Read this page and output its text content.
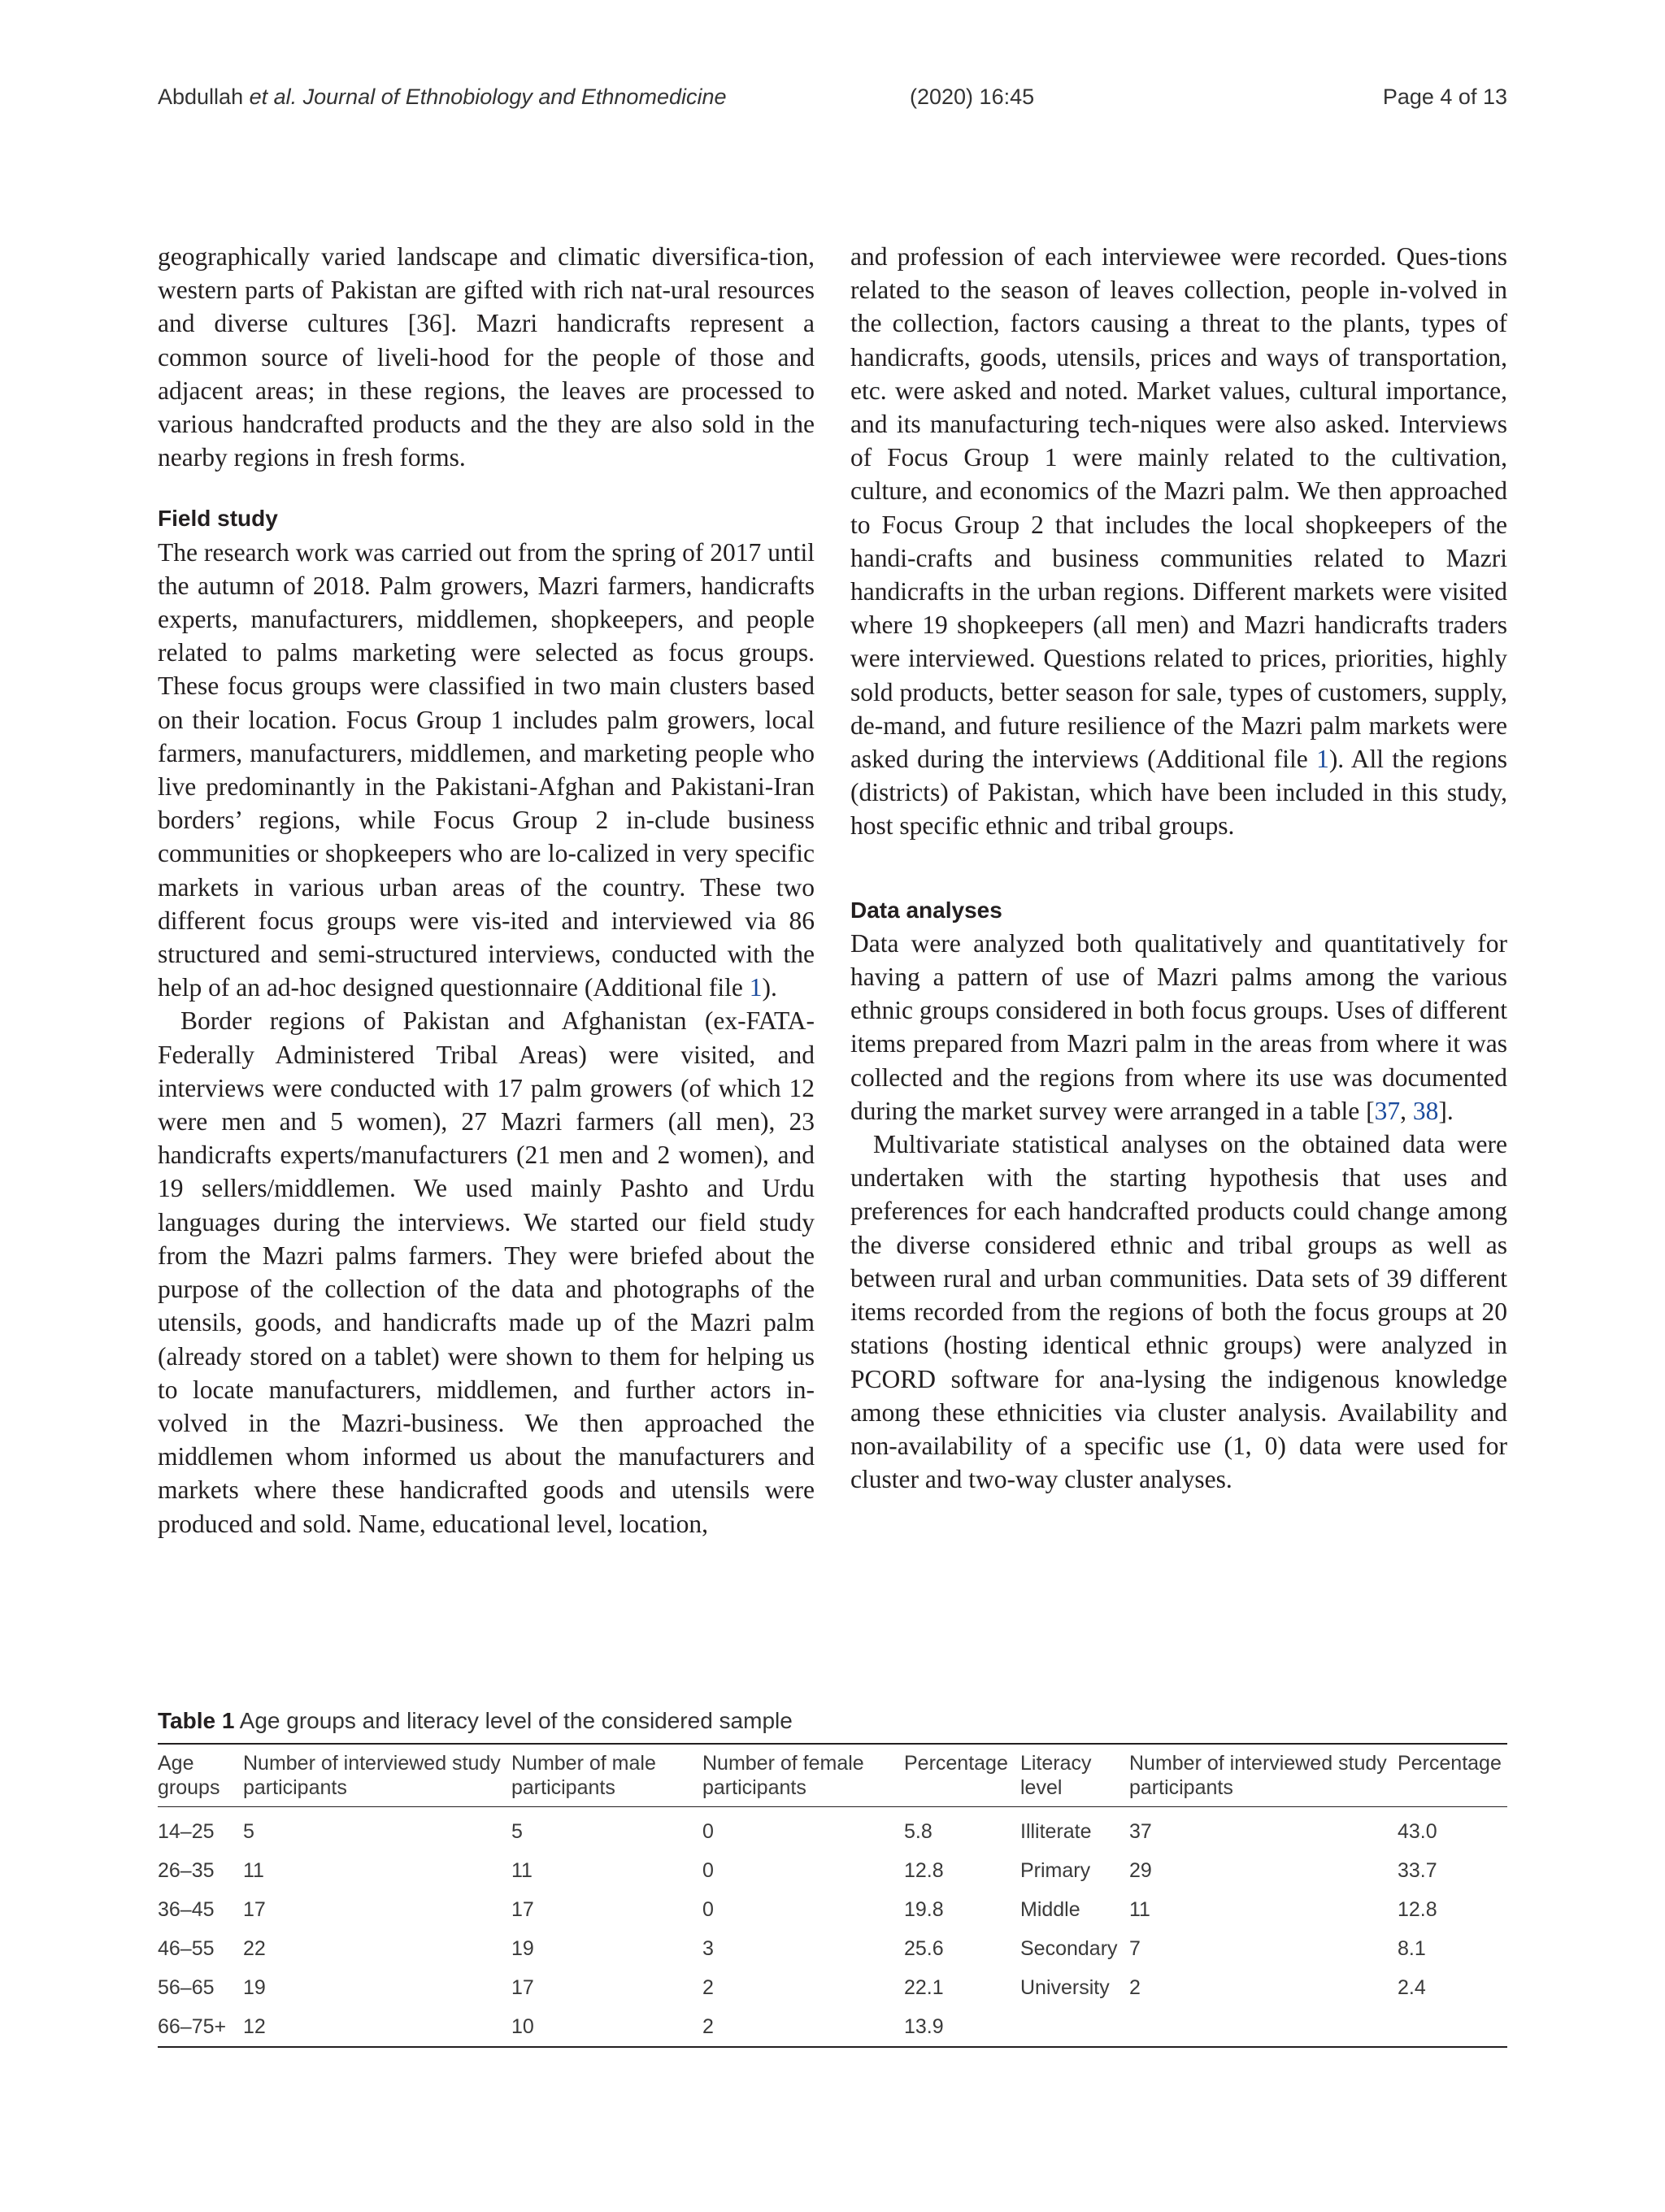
Abdullah et al. Journal of Ethnobiology and Ethnomedicine	(2020) 16:45	Page 4 of 13

geographically varied landscape and climatic diversifica-tion, western parts of Pakistan are gifted with rich nat-ural resources and diverse cultures [36]. Mazri handicrafts represent a common source of liveli-hood for the people of those and adjacent areas; in these regions, the leaves are processed to various handcrafted products and the they are also sold in the nearby regions in fresh forms.

Field study

The research work was carried out from the spring of 2017 until the autumn of 2018. Palm growers, Mazri farmers, handicrafts experts, manufacturers, middlemen, shopkeepers, and people related to palms marketing were selected as focus groups. These focus groups were classified in two main clusters based on their location. Focus Group 1 includes palm growers, local farmers, manufacturers, middlemen, and marketing people who live predominantly in the Pakistani-Afghan and Pakistani-Iran borders’ regions, while Focus Group 2 in-clude business communities or shopkeepers who are lo-calized in very specific markets in various urban areas of the country. These two different focus groups were vis-ited and interviewed via 86 structured and semi-structured interviews, conducted with the help of an ad-hoc designed questionnaire (Additional file 1).

Border regions of Pakistan and Afghanistan (ex-FATA-Federally Administered Tribal Areas) were visited, and interviews were conducted with 17 palm growers (of which 12 were men and 5 women), 27 Mazri farmers (all men), 23 handicrafts experts/manufacturers (21 men and 2 women), and 19 sellers/middlemen. We used mainly Pashto and Urdu languages during the interviews. We started our field study from the Mazri palms farmers. They were briefed about the purpose of the collection of the data and photographs of the utensils, goods, and handicrafts made up of the Mazri palm (already stored on a tablet) were shown to them for helping us to locate manufacturers, middlemen, and further actors in-volved in the Mazri-business. We then approached the middlemen whom informed us about the manufacturers and markets where these handicrafted goods and utensils were produced and sold. Name, educational level, location,

and profession of each interviewee were recorded. Ques-tions related to the season of leaves collection, people in-volved in the collection, factors causing a threat to the plants, types of handicrafts, goods, utensils, prices and ways of transportation, etc. were asked and noted. Market values, cultural importance, and its manufacturing tech-niques were also asked. Interviews of Focus Group 1 were mainly related to the cultivation, culture, and economics of the Mazri palm. We then approached to Focus Group 2 that includes the local shopkeepers of the handi-crafts and business communities related to Mazri handicrafts in the urban regions. Different markets were visited where 19 shopkeepers (all men) and Mazri handicrafts traders were interviewed. Questions related to prices, priorities, highly sold products, better season for sale, types of customers, supply, de-mand, and future resilience of the Mazri palm markets were asked during the interviews (Additional file 1). All the regions (districts) of Pakistan, which have been included in this study, host specific ethnic and tribal groups.

Data analyses

Data were analyzed both qualitatively and quantitatively for having a pattern of use of Mazri palms among the various ethnic groups considered in both focus groups. Uses of different items prepared from Mazri palm in the areas from where it was collected and the regions from where its use was documented during the market survey were arranged in a table [37, 38].

Multivariate statistical analyses on the obtained data were undertaken with the starting hypothesis that uses and preferences for each handcrafted products could change among the diverse considered ethnic and tribal groups as well as between rural and urban communities. Data sets of 39 different items recorded from the regions of both the focus groups at 20 stations (hosting identical ethnic groups) were analyzed in PCORD software for ana-lysing the indigenous knowledge among these ethnicities via cluster analysis. Availability and non-availability of a specific use (1, 0) data were used for cluster and two-way cluster analyses.

Table 1 Age groups and literacy level of the considered sample
Age groups	Number of interviewed study participants	Number of male participants	Number of female participants	Percentage	Literacy level	Number of interviewed study participants	Percentage
14–25	5	5	0	5.8	Illiterate	37	43.0
26–35	11	11	0	12.8	Primary	29	33.7
36–45	17	17	0	19.8	Middle	11	12.8
46–55	22	19	3	25.6	Secondary	7	8.1
56–65	19	17	2	22.1	University	2	2.4
66–75+	12	10	2	13.9			
